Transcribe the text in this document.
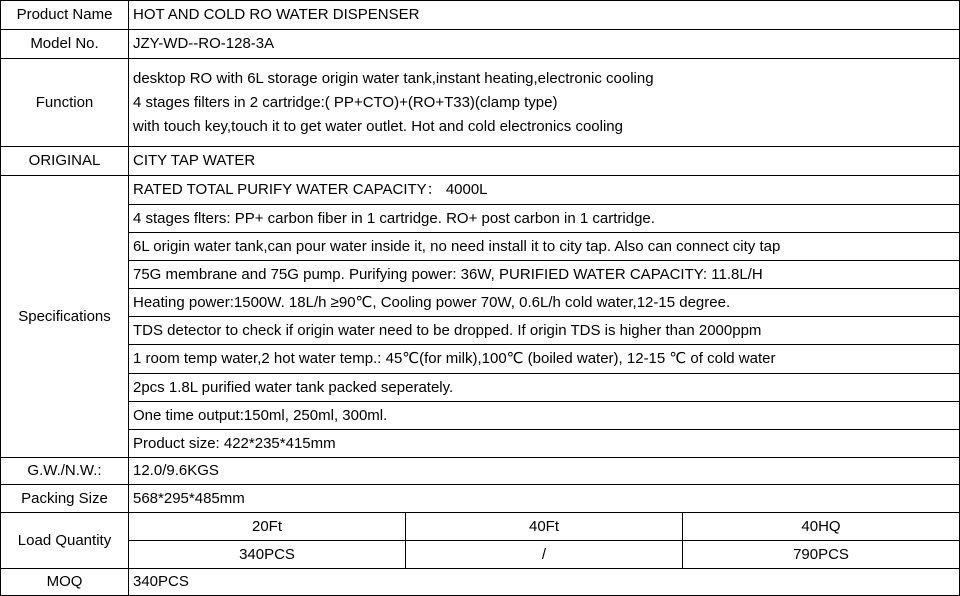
Product Name	HOT AND COLD RO WATER DISPENSER
Model No.	JZY-WD--RO-128-3A
Function
desktop RO with 6L storage origin water tank,instant heating,electronic cooling
4 stages filters in 2 cartridge:( PP+CTO)+(RO+T33)(clamp type)
with touch key,touch it to get water outlet. Hot and cold electronics cooling
ORIGINAL	CITY TAP WATER
Specifications
RATED TOTAL PURIFY WATER CAPACITY： 4000L
4 stages flters: PP+ carbon fiber in 1 cartridge. RO+ post carbon in 1 cartridge.
6L origin water tank,can pour water inside it, no need install it to city tap. Also can connect city tap
75G membrane and 75G pump. Purifying power: 36W, PURIFIED WATER CAPACITY: 11.8L/H
Heating power:1500W. 18L/h ≥90℃, Cooling power 70W, 0.6L/h cold water,12-15 degree.
TDS detector to check if origin water need to be dropped. If origin TDS is higher than 2000ppm
1 room temp water,2 hot water temp.: 45℃(for milk),100℃ (boiled water), 12-15 ℃ of cold water
2pcs 1.8L purified water tank packed seperately.
One time output:150ml, 250ml, 300ml.
Product size: 422*235*415mm
G.W./N.W.:	12.0/9.6KGS
Packing Size	568*295*485mm
Load Quantity
20Ft	40Ft	40HQ
340PCS	/	790PCS
MOQ	340PCS
